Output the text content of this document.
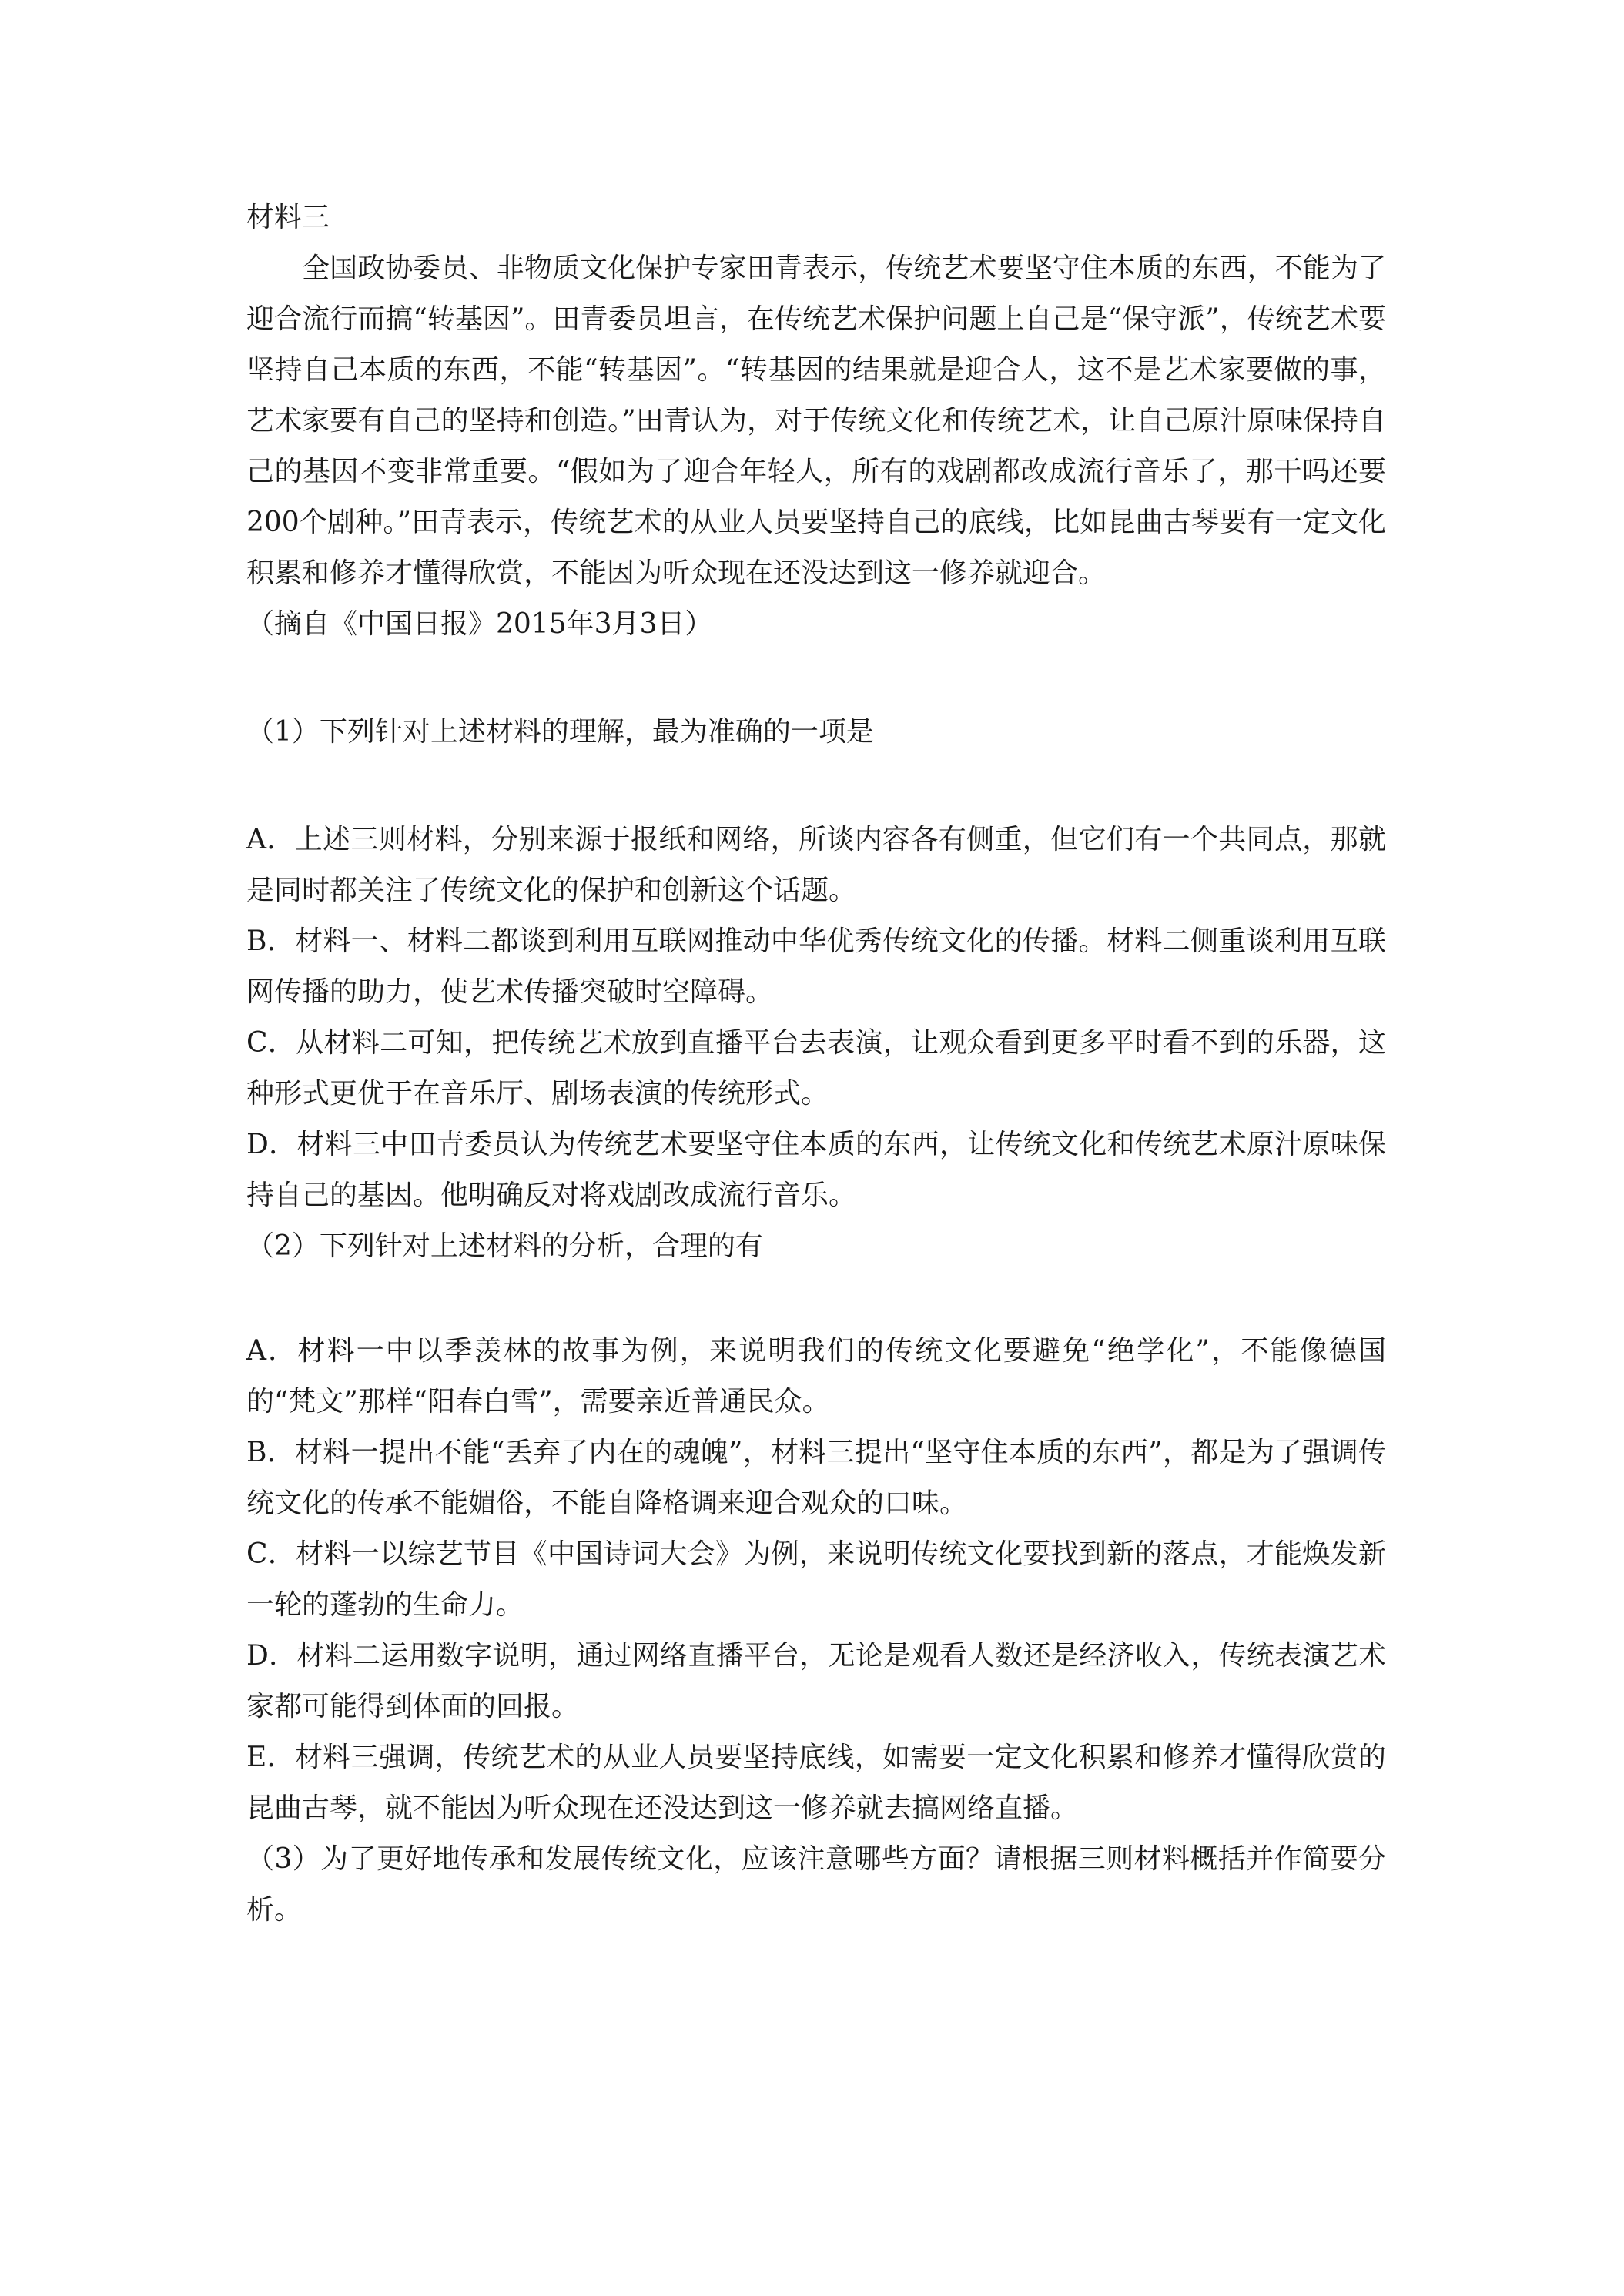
材料三

全国政协委员、非物质文化保护专家田青表示，传统艺术要坚守住本质的东西，不能为了迎合流行而搞“转基因”。田青委员坦言，在传统艺术保护问题上自己是“保守派”，传统艺术要坚持自己本质的东西，不能“转基因”。“转基因的结果就是迎合人，这不是艺术家要做的事，艺术家要有自己的坚持和创造。”田青认为，对于传统文化和传统艺术，让自己原汁原味保持自己的基因不变非常重要。“假如为了迎合年轻人，所有的戏剧都改成流行音乐了，那干吗还要200个剧种。”田青表示，传统艺术的从业人员要坚持自己的底线，比如昆曲古琴要有一定文化积累和修养才懂得欣赏，不能因为听众现在还没达到这一修养就迎合。

（摘自《中国日报》2015年3月3日）

（1）下列针对上述材料的理解，最为准确的一项是

A．上述三则材料，分别来源于报纸和网络，所谈内容各有侧重，但它们有一个共同点，那就是同时都关注了传统文化的保护和创新这个话题。

B．材料一、材料二都谈到利用互联网推动中华优秀传统文化的传播。材料二侧重谈利用互联网传播的助力，使艺术传播突破时空障碍。

C．从材料二可知，把传统艺术放到直播平台去表演，让观众看到更多平时看不到的乐器，这种形式更优于在音乐厅、剧场表演的传统形式。

D．材料三中田青委员认为传统艺术要坚守住本质的东西，让传统文化和传统艺术原汁原味保持自己的基因。他明确反对将戏剧改成流行音乐。

（2）下列针对上述材料的分析，合理的有

A．材料一中以季羡林的故事为例，来说明我们的传统文化要避免“绝学化”，不能像德国的“梵文”那样“阳春白雪”，需要亲近普通民众。

B．材料一提出不能“丢弃了内在的魂魄”，材料三提出“坚守住本质的东西”，都是为了强调传统文化的传承不能媚俗，不能自降格调来迎合观众的口味。

C．材料一以综艺节目《中国诗词大会》为例，来说明传统文化要找到新的落点，才能焕发新一轮的蓬勃的生命力。

D．材料二运用数字说明，通过网络直播平台，无论是观看人数还是经济收入，传统表演艺术家都可能得到体面的回报。

E．材料三强调，传统艺术的从业人员要坚持底线，如需要一定文化积累和修养才懂得欣赏的昆曲古琴，就不能因为听众现在还没达到这一修养就去搞网络直播。

（3）为了更好地传承和发展传统文化，应该注意哪些方面？请根据三则材料概括并作简要分析。
